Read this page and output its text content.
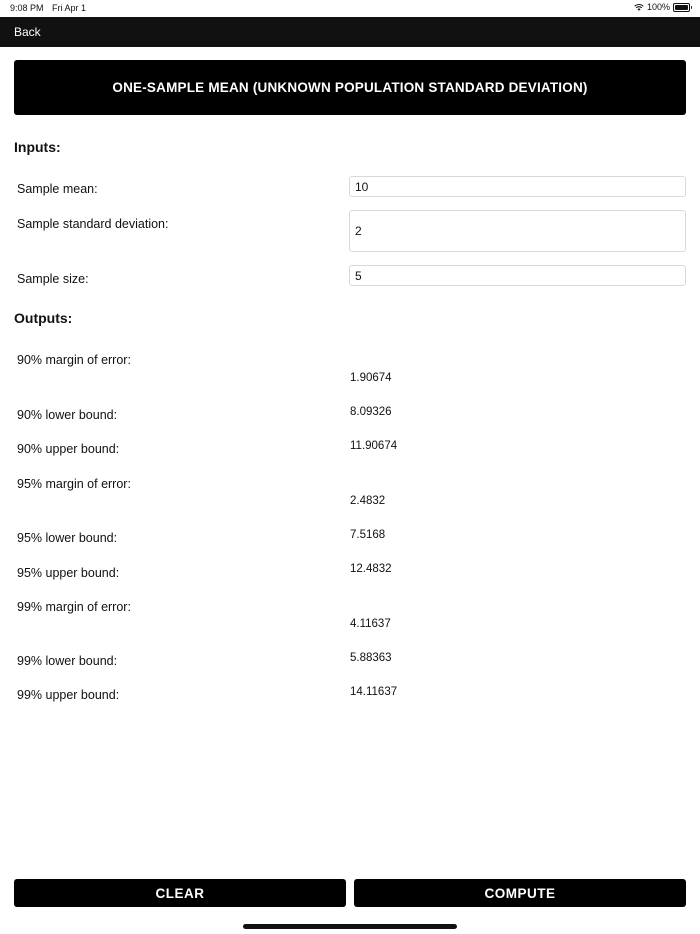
9:08 PM Fri Apr 1	100%
Back
ONE-SAMPLE MEAN (UNKNOWN POPULATION STANDARD DEVIATION)
Inputs:
Sample mean:
10
Sample standard deviation:
2
Sample size:
5
Outputs:
90% margin of error:
1.90674
90% lower bound:	8.09326
90% upper bound:	11.90674
95% margin of error:
2.4832
95% lower bound:	7.5168
95% upper bound:	12.4832
99% margin of error:
4.11637
99% lower bound:	5.88363
99% upper bound:	14.11637
CLEAR	COMPUTE
